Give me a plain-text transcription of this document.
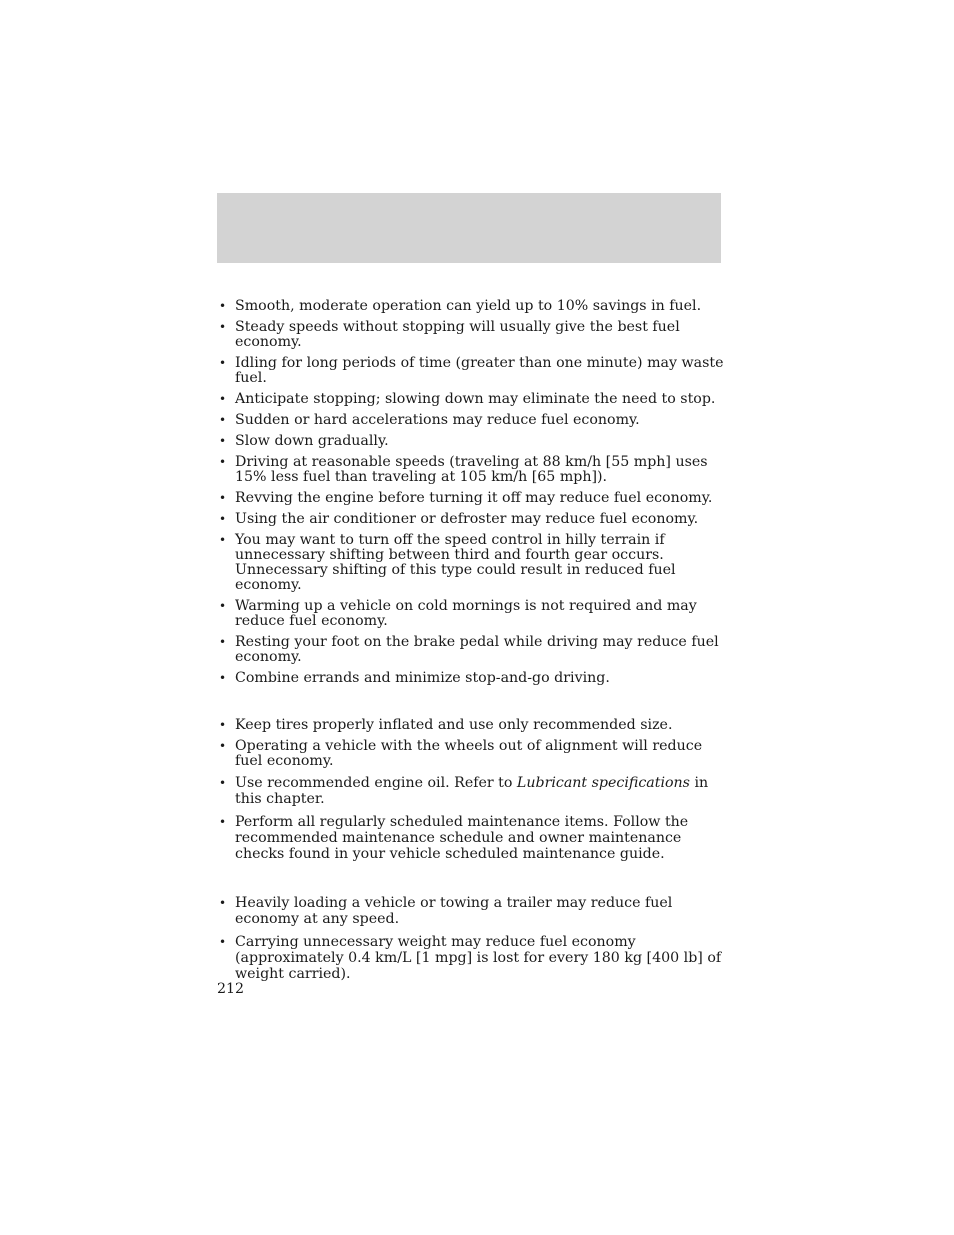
• Smooth, moderate operation can yield up to 10% savings in fuel.
• Steady speeds without stopping will usually give the best fuel economy.
• Idling for long periods of time (greater than one minute) may waste fuel.
• Anticipate stopping; slowing down may eliminate the need to stop.
• Sudden or hard accelerations may reduce fuel economy.
• Slow down gradually.
• Driving at reasonable speeds (traveling at 88 km/h [55 mph] uses 15% less fuel than traveling at 105 km/h [65 mph]).
• Revving the engine before turning it off may reduce fuel economy.
• Using the air conditioner or defroster may reduce fuel economy.
• You may want to turn off the speed control in hilly terrain if unnecessary shifting between third and fourth gear occurs. Unnecessary shifting of this type could result in reduced fuel economy.
• Warming up a vehicle on cold mornings is not required and may reduce fuel economy.
• Resting your foot on the brake pedal while driving may reduce fuel economy.
• Combine errands and minimize stop-and-go driving.
• Keep tires properly inflated and use only recommended size.
• Operating a vehicle with the wheels out of alignment will reduce fuel economy.
• Use recommended engine oil. Refer to Lubricant specifications in this chapter.
• Perform all regularly scheduled maintenance items. Follow the recommended maintenance schedule and owner maintenance checks found in your vehicle scheduled maintenance guide.
• Heavily loading a vehicle or towing a trailer may reduce fuel economy at any speed.
• Carrying unnecessary weight may reduce fuel economy (approximately 0.4 km/L [1 mpg] is lost for every 180 kg [400 lb] of weight carried).
212
